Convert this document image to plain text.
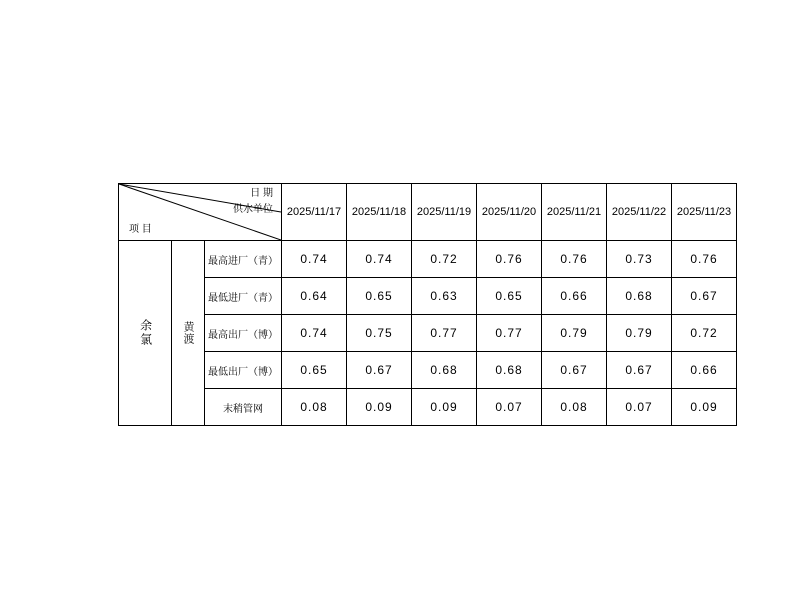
日 期
供水单位
项 目			2025/11/17	2025/11/18	2025/11/19	2025/11/20	2025/11/21	2025/11/22	2025/11/23

余氯	黄渡	最高进厂（青）	0.74	0.74	0.72	0.76	0.76	0.73	0.76
		最低进厂（青）	0.64	0.65	0.63	0.65	0.66	0.68	0.67
		最高出厂（博）	0.74	0.75	0.77	0.77	0.79	0.79	0.72
		最低出厂（博）	0.65	0.67	0.68	0.68	0.67	0.67	0.66
		末稍管网	0.08	0.09	0.09	0.07	0.08	0.07	0.09
